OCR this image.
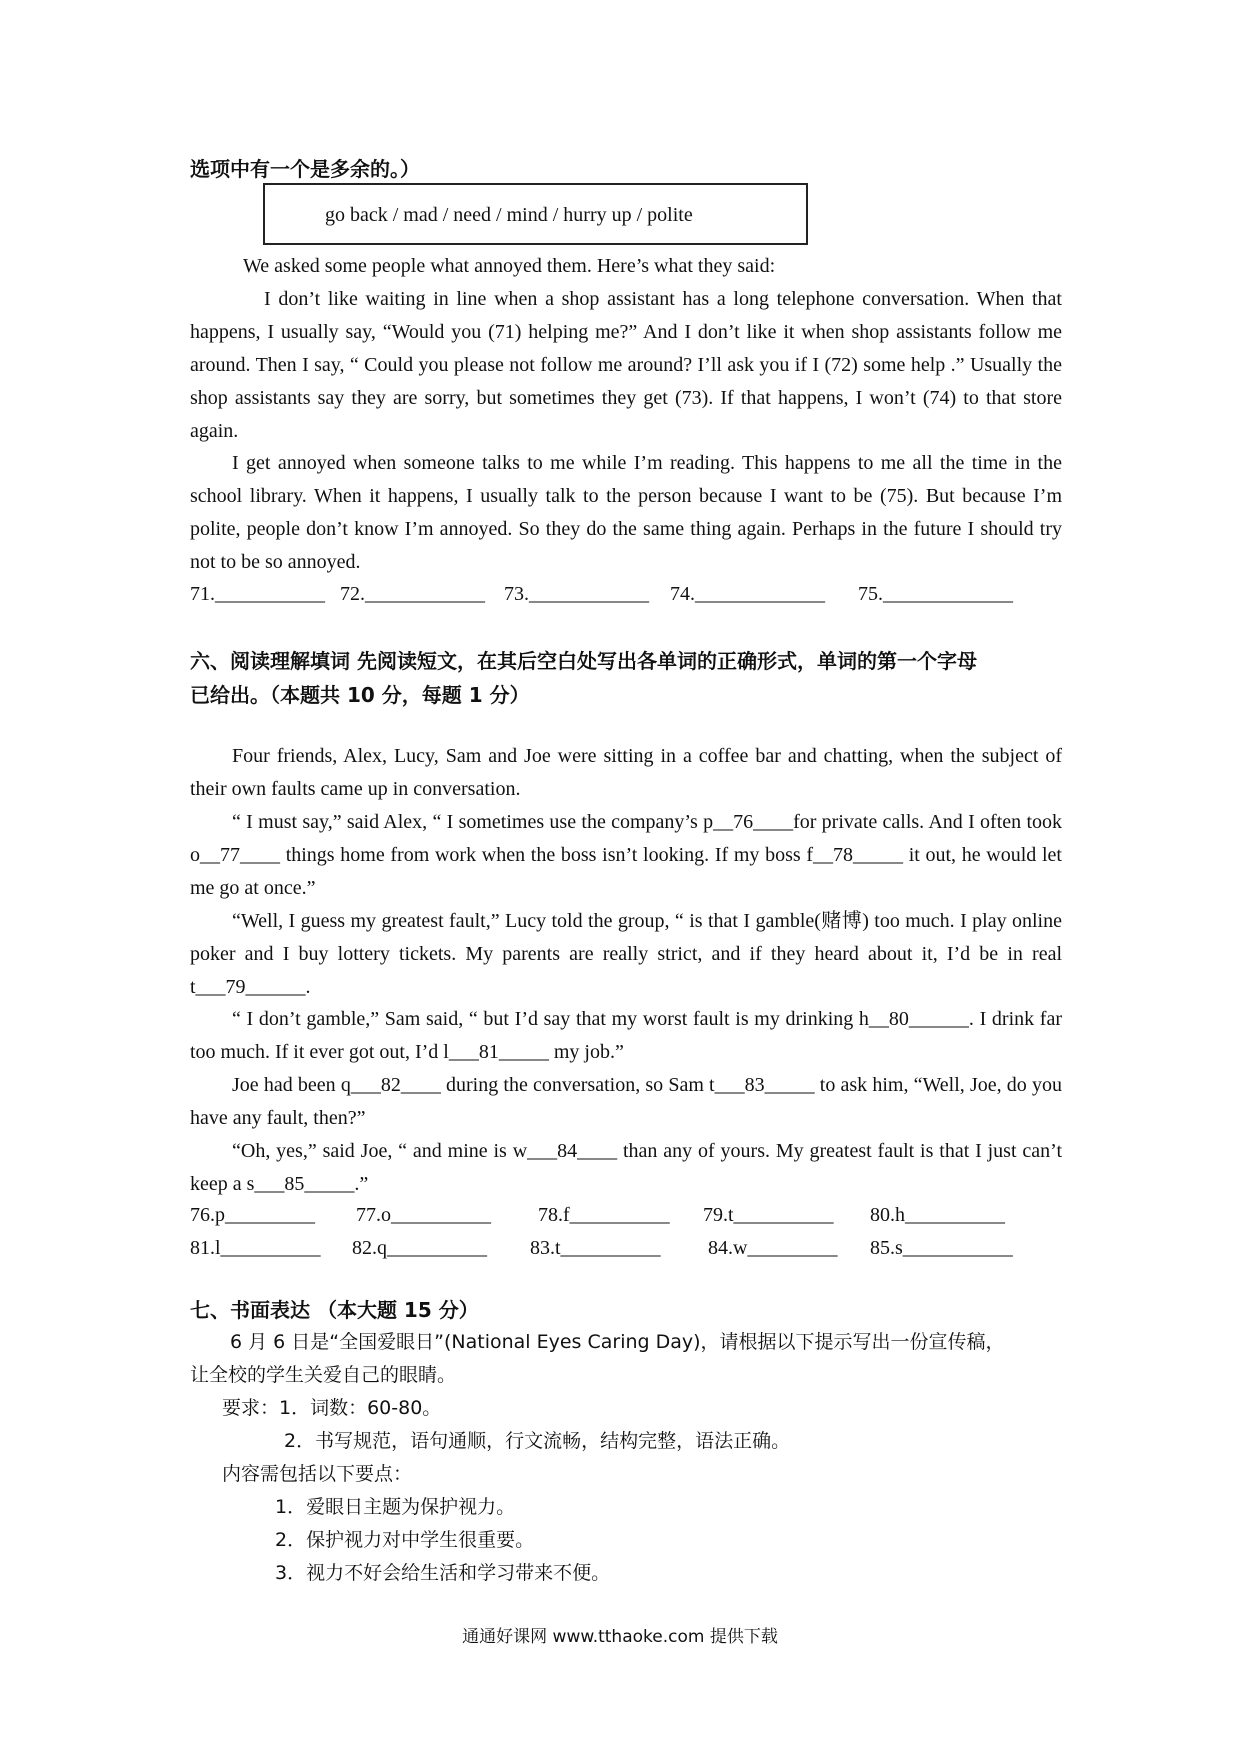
选项中有一个是多余的。）
go back / mad / need / mind / hurry up / polite
We asked some people what annoyed them. Here’s what they said:
I don’t like waiting in line when a shop assistant has a long telephone conversation. When that happens, I usually say, “Would you (71) helping me?” And I don’t like it when shop assistants follow me around. Then I say, “ Could you please not follow me around? I’ll ask you if I (72) some help .” Usually the shop assistants say they are sorry, but sometimes they get (73). If that happens, I won’t (74) to that store again.
I get annoyed when someone talks to me while I’m reading. This happens to me all the time in the school library. When it happens, I usually talk to the person because I want to be (75). But because I’m polite, people don’t know I’m annoyed. So they do the same thing again. Perhaps in the future I should try not to be so annoyed.
71.___________ 72.____________ 73.____________ 74._____________ 75._____________
六、阅读理解填词 先阅读短文，在其后空白处写出各单词的正确形式，单词的第一个字母
已给出。（本题共 10 分，每题 1 分）
Four friends, Alex, Lucy, Sam and Joe were sitting in a coffee bar and chatting, when the subject of their own faults came up in conversation.
“ I must say,” said Alex, “ I sometimes use the company’s p__76____for private calls. And I often took o__77____ things home from work when the boss isn’t looking. If my boss f__78_____ it out, he would let me go at once.”
“Well, I guess my greatest fault,” Lucy told the group, “ is that I gamble(赌博) too much. I play online poker and I buy lottery tickets. My parents are really strict, and if they heard about it, I’d be in real t___79______.
“ I don’t gamble,” Sam said, “ but I’d say that my worst fault is my drinking h__80______. I drink far too much. If it ever got out, I’d l___81_____ my job.”
Joe had been q___82____ during the conversation, so Sam t___83_____ to ask him, “Well, Joe, do you have any fault, then?”
“Oh, yes,” said Joe, “ and mine is w___84____ than any of yours. My greatest fault is that I just can’t keep a s___85_____.”
76.p_________ 77.o__________ 78.f__________ 79.t__________ 80.h__________
81.l__________ 82.q__________ 83.t__________ 84.w_________ 85.s___________
七、书面表达 （本大题 15 分）
6 月 6 日是“全国爱眼日”(National Eyes Caring Day)，请根据以下提示写出一份宣传稿，
让全校的学生关爱自己的眼睛。
要求：1．词数：60-80。
2．书写规范，语句通顺，行文流畅，结构完整，语法正确。
内容需包括以下要点：
1．爱眼日主题为保护视力。
2．保护视力对中学生很重要。
3．视力不好会给生活和学习带来不便。
通通好课网 www.tthaoke.com 提供下载
